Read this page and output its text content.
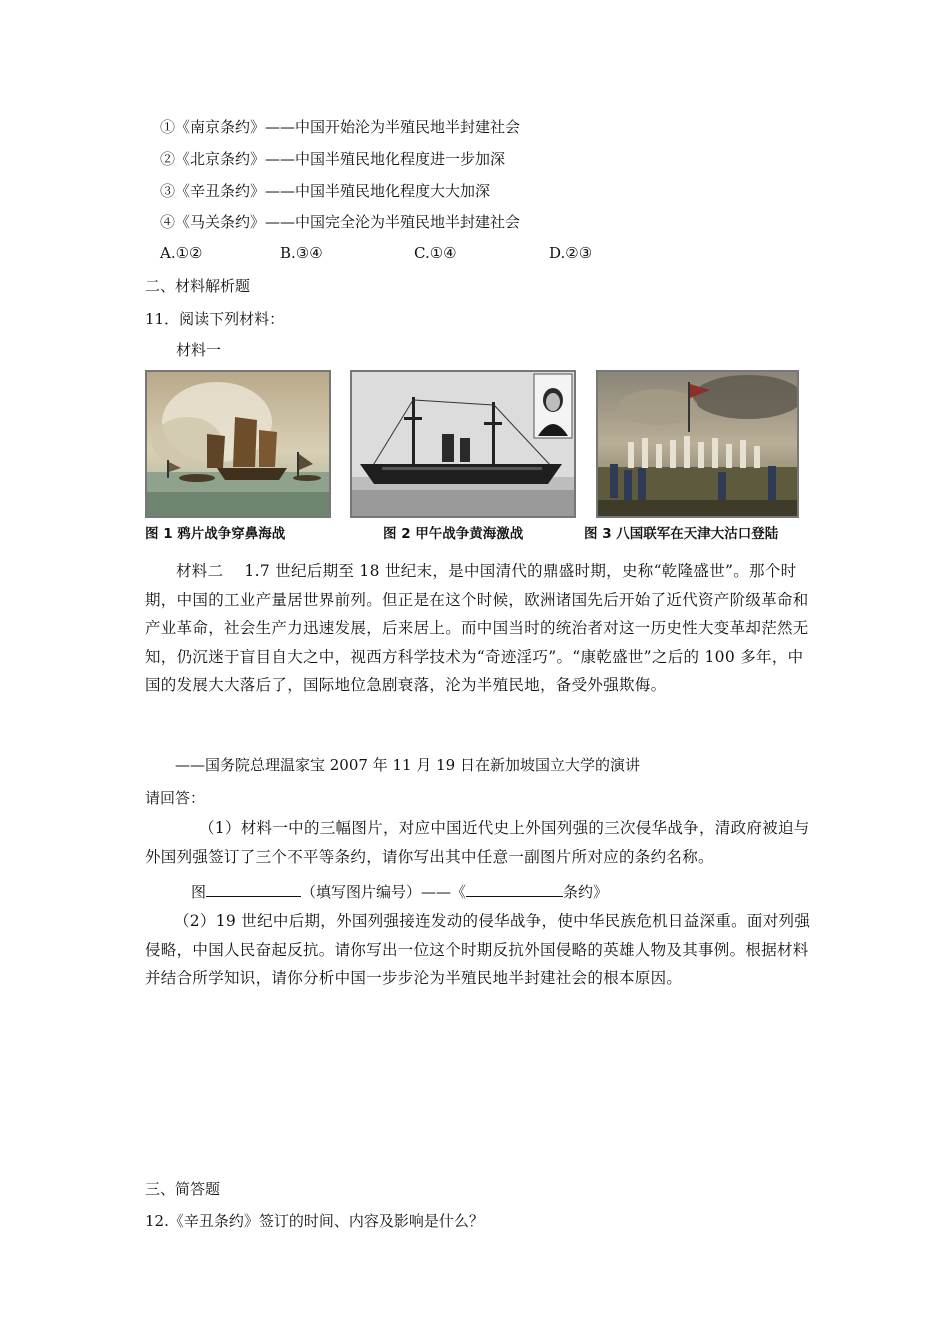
①《南京条约》——中国开始沦为半殖民地半封建社会
②《北京条约》——中国半殖民地化程度进一步加深
③《辛丑条约》——中国半殖民地化程度大大加深
④《马关条约》——中国完全沦为半殖民地半封建社会
A.①②	B.③④	C.①④	D.②③
二、材料解析题
11．阅读下列材料：
材料一
图 1 鸦片战争穿鼻海战	图 2 甲午战争黄海激战	图 3 八国联军在天津大沽口登陆
材料二　 1.7 世纪后期至 18 世纪末，是中国清代的鼎盛时期，史称“乾隆盛世”。那个时期，中国的工业产量居世界前列。但正是在这个时候，欧洲诸国先后开始了近代资产阶级革命和产业革命，社会生产力迅速发展，后来居上。而中国当时的统治者对这一历史性大变革却茫然无知，仍沉迷于盲目自大之中，视西方科学技术为“奇迹淫巧”。“康乾盛世”之后的 100 多年，中国的发展大大落后了，国际地位急剧衰落，沦为半殖民地，备受外强欺侮。
——国务院总理温家宝 2007 年 11 月 19 日在新加坡国立大学的演讲
请回答：
（1）材料一中的三幅图片，对应中国近代史上外国列强的三次侵华战争，清政府被迫与外国列强签订了三个不平等条约，请你写出其中任意一副图片所对应的条约名称。
图	（填写图片编号）——《	条约》
（2）19 世纪中后期，外国列强接连发动的侵华战争，使中华民族危机日益深重。面对列强侵略，中国人民奋起反抗。请你写出一位这个时期反抗外国侵略的英雄人物及其事例。根据材料并结合所学知识，请你分析中国一步步沦为半殖民地半封建社会的根本原因。
三、简答题
12.《辛丑条约》签订的时间、内容及影响是什么？
